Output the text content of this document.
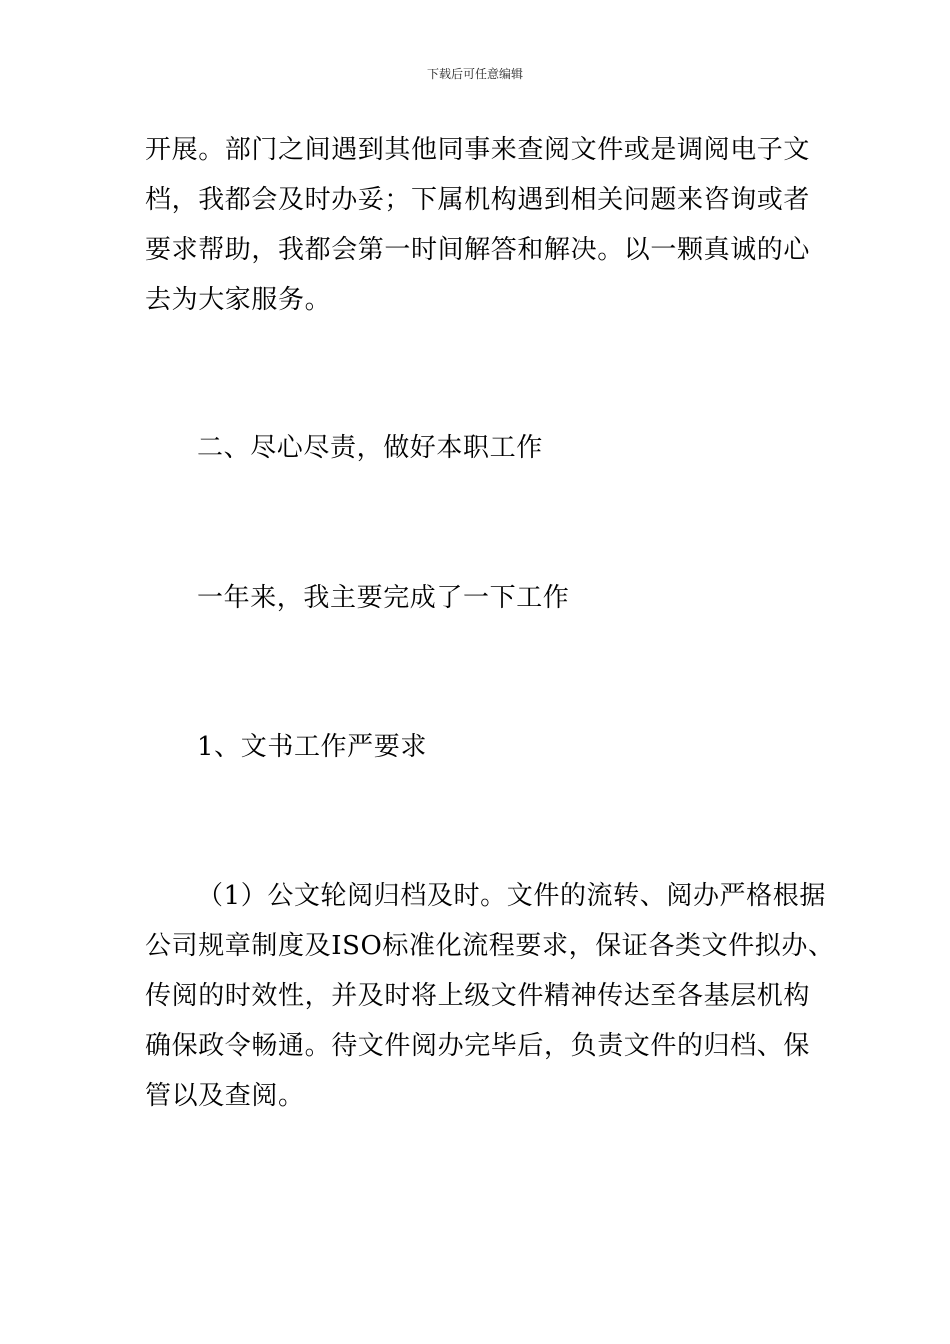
下载后可任意编辑
开展。部门之间遇到其他同事来查阅文件或是调阅电子文
档，我都会及时办妥；下属机构遇到相关问题来咨询或者
要求帮助，我都会第一时间解答和解决。以一颗真诚的心
去为大家服务。
二、尽心尽责，做好本职工作
一年来，我主要完成了一下工作
1、文书工作严要求
（1）公文轮阅归档及时。文件的流转、阅办严格根据
公司规章制度及ISO标准化流程要求，保证各类文件拟办、
传阅的时效性，并及时将上级文件精神传达至各基层机构
确保政令畅通。待文件阅办完毕后，负责文件的归档、保
管以及查阅。
